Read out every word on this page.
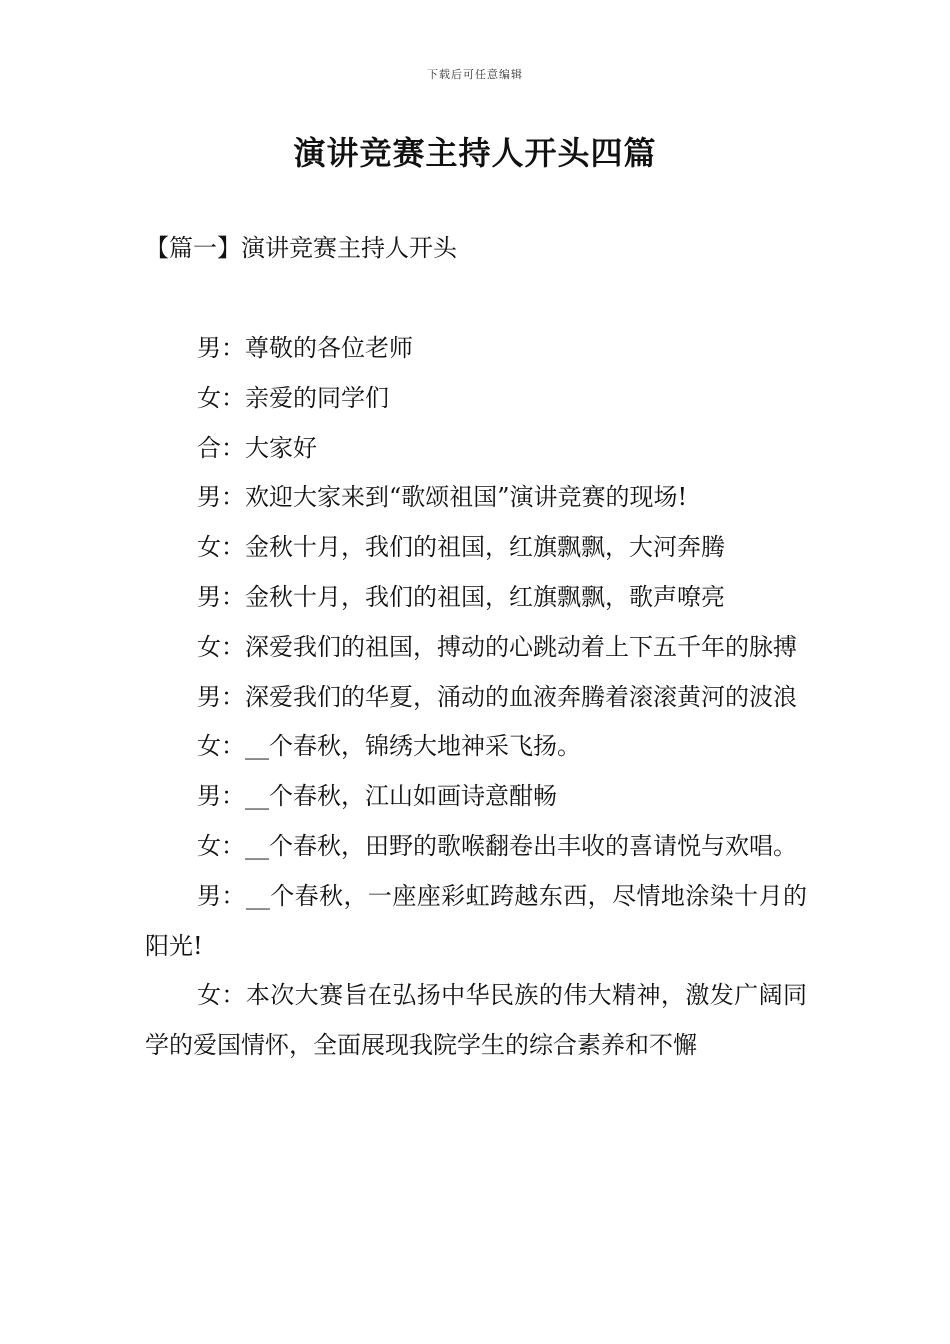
下载后可任意编辑
演讲竞赛主持人开头四篇
【篇一】演讲竞赛主持人开头

男：尊敬的各位老师

女：亲爱的同学们

合：大家好

男：欢迎大家来到“歌颂祖国”演讲竞赛的现场!

女：金秋十月，我们的祖国，红旗飘飘，大河奔腾

男：金秋十月，我们的祖国，红旗飘飘，歌声嘹亮

女：深爱我们的祖国，搏动的心跳动着上下五千年的脉搏

男：深爱我们的华夏，涌动的血液奔腾着滚滚黄河的波浪

女：__个春秋，锦绣大地神采飞扬。

男：__个春秋，江山如画诗意酣畅

女：__个春秋，田野的歌喉翻卷出丰收的喜请悦与欢唱。

男：__个春秋，一座座彩虹跨越东西，尽情地涂染十月的阳光!

女：本次大赛旨在弘扬中华民族的伟大精神，激发广阔同学的爱国情怀，全面展现我院学生的综合素养和不懈
